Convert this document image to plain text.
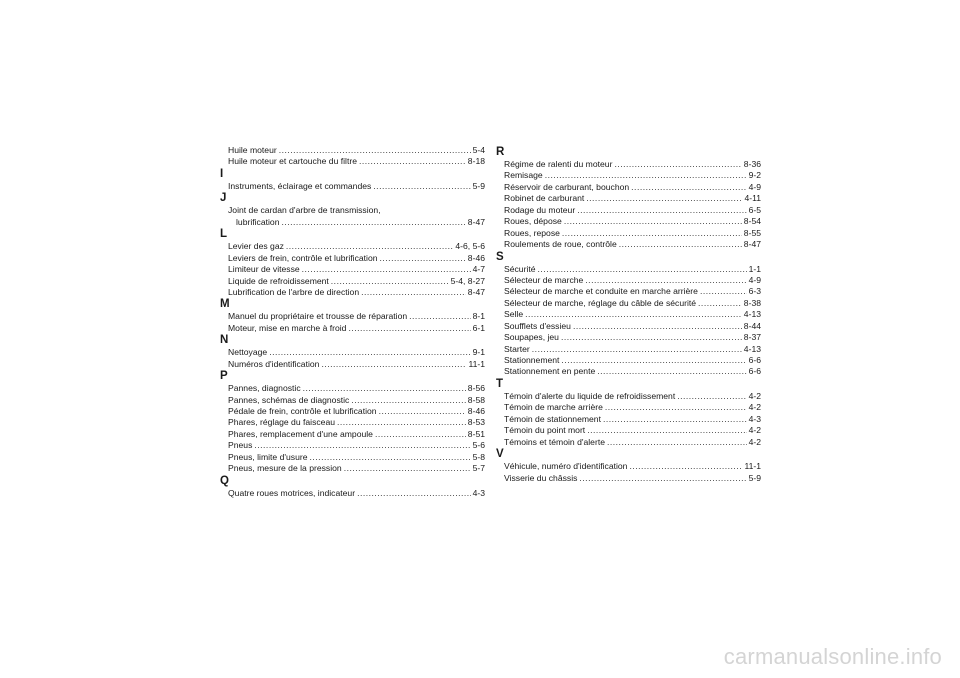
Huile moteur .....	5-4
Huile moteur et cartouche du filtre .....	8-18
I
Instruments, éclairage et commandes .....	5-9
J
Joint de cardan d'arbre de transmission,
lubrification .....	8-47
L
Levier des gaz .....	4-6, 5-6
Leviers de frein, contrôle et lubrification .....	8-46
Limiteur de vitesse .....	4-7
Liquide de refroidissement .....	5-4, 8-27
Lubrification de l'arbre de direction .....	8-47
M
Manuel du propriétaire et trousse de réparation .....	8-1
Moteur, mise en marche à froid .....	6-1
N
Nettoyage .....	9-1
Numéros d'identification .....	11-1
P
Pannes, diagnostic .....	8-56
Pannes, schémas de diagnostic .....	8-58
Pédale de frein, contrôle et lubrification .....	8-46
Phares, réglage du faisceau .....	8-53
Phares, remplacement d'une ampoule .....	8-51
Pneus .....	5-6
Pneus, limite d'usure .....	5-8
Pneus, mesure de la pression .....	5-7
Q
Quatre roues motrices, indicateur .....	4-3
R
Régime de ralenti du moteur .....	8-36
Remisage .....	9-2
Réservoir de carburant, bouchon .....	4-9
Robinet de carburant .....	4-11
Rodage du moteur .....	6-5
Roues, dépose .....	8-54
Roues, repose .....	8-55
Roulements de roue, contrôle .....	8-47
S
Sécurité .....	1-1
Sélecteur de marche .....	4-9
Sélecteur de marche et conduite en marche arrière .....	6-3
Sélecteur de marche, réglage du câble de sécurité .....	8-38
Selle .....	4-13
Soufflets d'essieu .....	8-44
Soupapes, jeu .....	8-37
Starter .....	4-13
Stationnement .....	6-6
Stationnement en pente .....	6-6
T
Témoin d'alerte du liquide de refroidissement .....	4-2
Témoin de marche arrière .....	4-2
Témoin de stationnement .....	4-3
Témoin du point mort .....	4-2
Témoins et témoin d'alerte .....	4-2
V
Véhicule, numéro d'identification .....	11-1
Visserie du châssis .....	5-9
carmanualsonline.info
